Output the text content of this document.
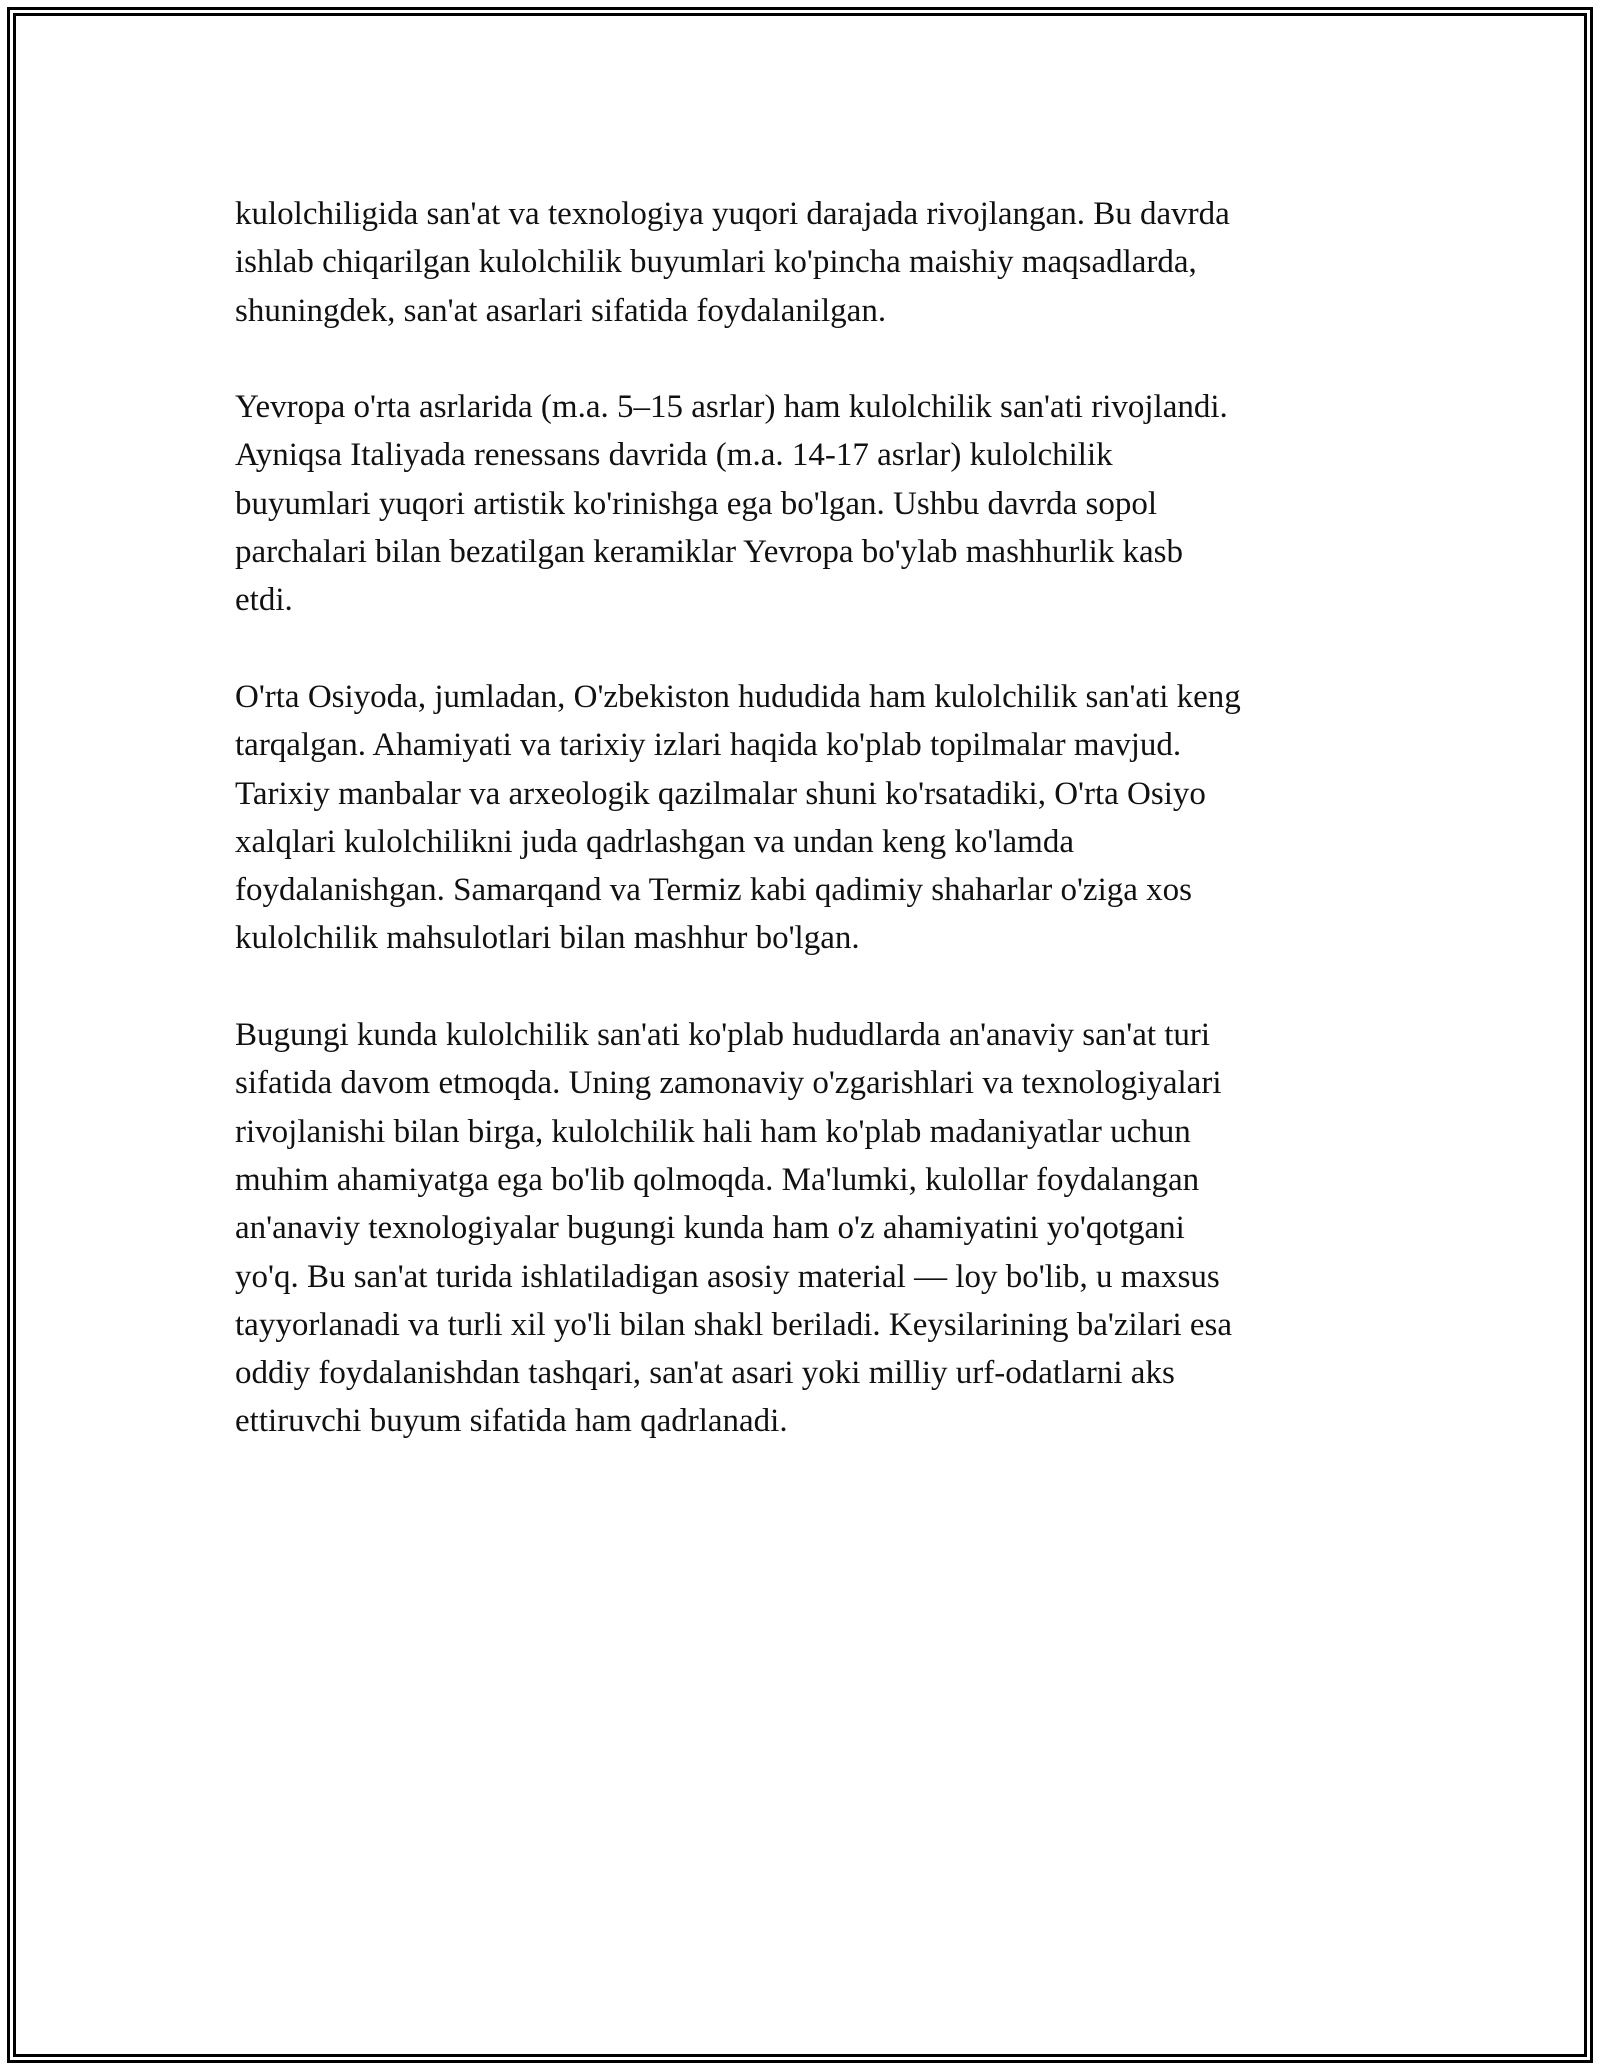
kulolchiligida san'at va texnologiya yuqori darajada rivojlangan. Bu davrda
ishlab chiqarilgan kulolchilik buyumlari ko'pincha maishiy maqsadlarda,
shuningdek, san'at asarlari sifatida foydalanilgan.

Yevropa o'rta asrlarida (m.a. 5–15 asrlar) ham kulolchilik san'ati rivojlandi.
Ayniqsa Italiyada renessans davrida (m.a. 14-17 asrlar) kulolchilik
buyumlari yuqori artistik ko'rinishga ega bo'lgan. Ushbu davrda sopol
parchalari bilan bezatilgan keramiklar Yevropa bo'ylab mashhurlik kasb
etdi.

O'rta Osiyoda, jumladan, O'zbekiston hududida ham kulolchilik san'ati keng
tarqalgan. Ahamiyati va tarixiy izlari haqida ko'plab topilmalar mavjud.
Tarixiy manbalar va arxeologik qazilmalar shuni ko'rsatadiki, O'rta Osiyo
xalqlari kulolchilikni juda qadrlashgan va undan keng ko'lamda
foydalanishgan. Samarqand va Termiz kabi qadimiy shaharlar o'ziga xos
kulolchilik mahsulotlari bilan mashhur bo'lgan.

Bugungi kunda kulolchilik san'ati ko'plab hududlarda an'anaviy san'at turi
sifatida davom etmoqda. Uning zamonaviy o'zgarishlari va texnologiyalari
rivojlanishi bilan birga, kulolchilik hali ham ko'plab madaniyatlar uchun
muhim ahamiyatga ega bo'lib qolmoqda. Ma'lumki, kulollar foydalangan
an'anaviy texnologiyalar bugungi kunda ham o'z ahamiyatini yo'qotgani
yo'q. Bu san'at turida ishlatiladigan asosiy material — loy bo'lib, u maxsus
tayyorlanadi va turli xil yo'li bilan shakl beriladi. Keysilarining ba'zilari esa
oddiy foydalanishdan tashqari, san'at asari yoki milliy urf-odatlarni aks
ettiruvchi buyum sifatida ham qadrlanadi.
